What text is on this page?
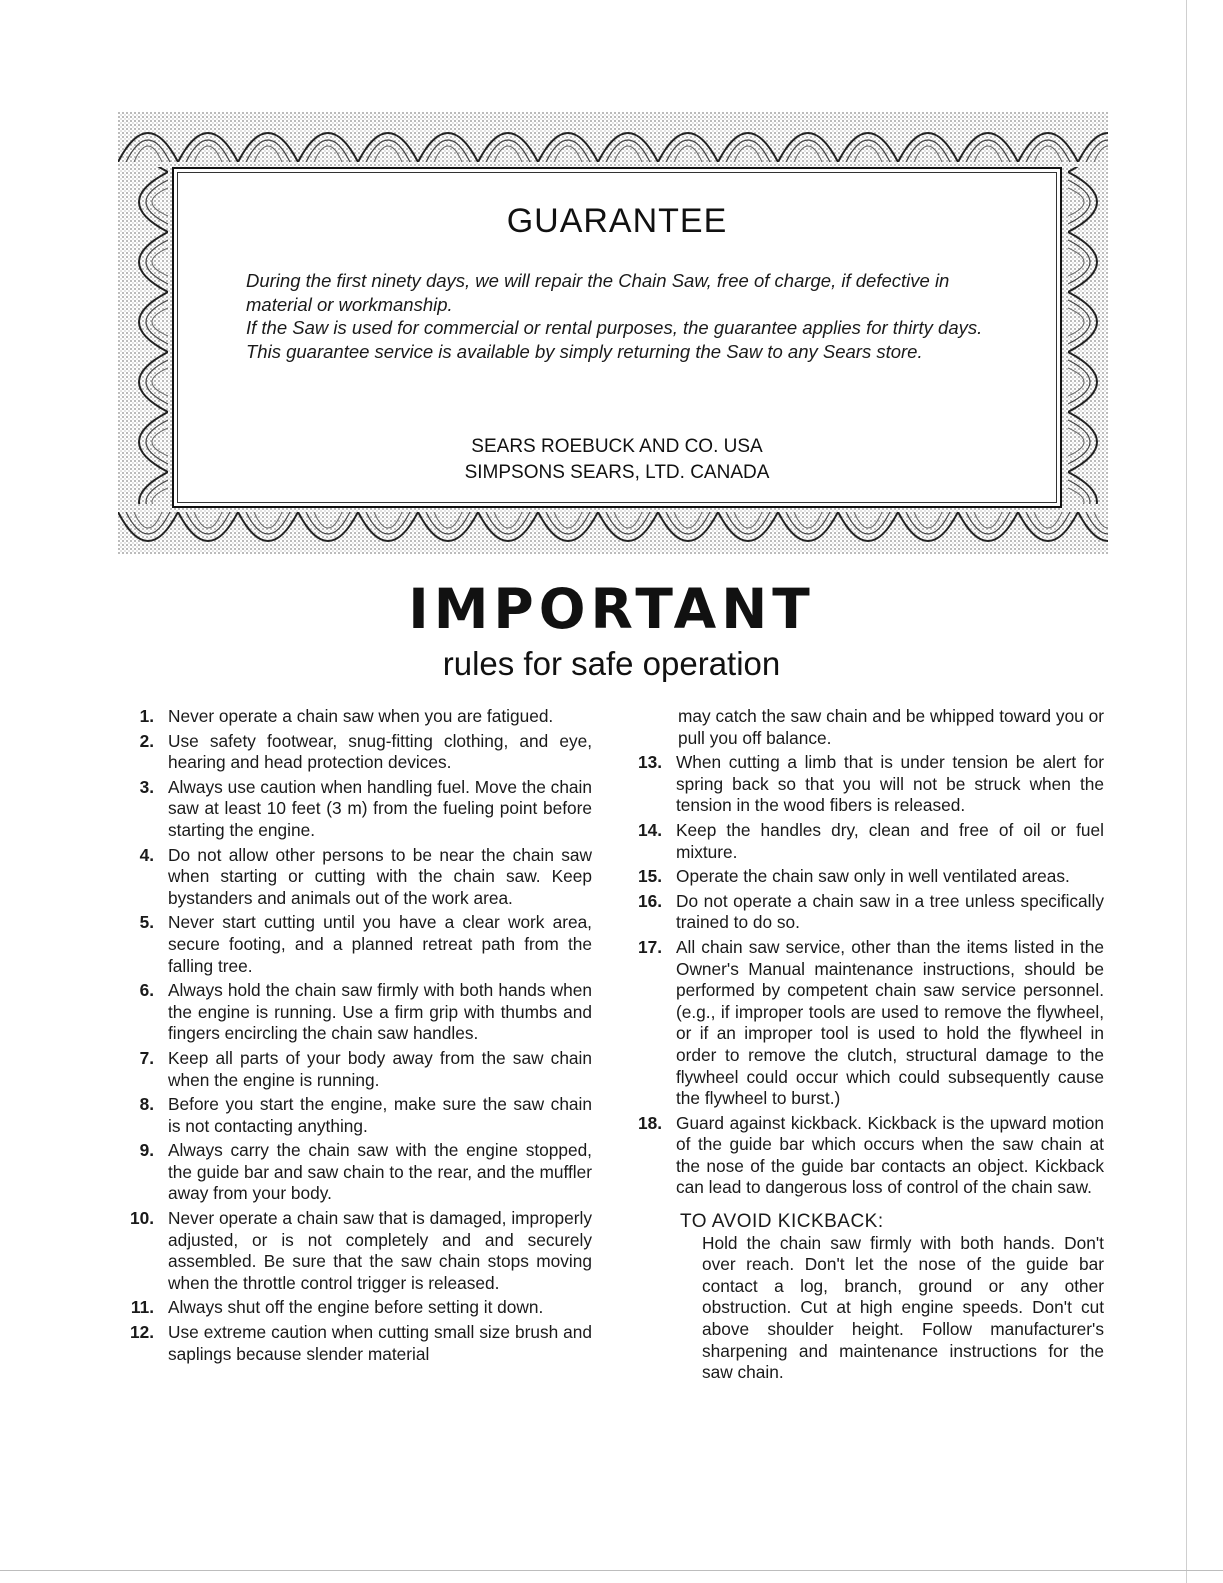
GUARANTEE

During the first ninety days, we will repair the Chain Saw, free of charge, if defective in material or workmanship.

If the Saw is used for commercial or rental purposes, the guarantee applies for thirty days.

This guarantee service is available by simply returning the Saw to any Sears store.

SEARS ROEBUCK AND CO. USA
SIMPSONS SEARS, LTD. CANADA
IMPORTANT
rules for safe operation
1. Never operate a chain saw when you are fatigued.
2. Use safety footwear, snug-fitting clothing, and eye, hearing and head protection devices.
3. Always use caution when handling fuel. Move the chain saw at least 10 feet (3 m) from the fueling point before starting the engine.
4. Do not allow other persons to be near the chain saw when starting or cutting with the chain saw. Keep bystanders and animals out of the work area.
5. Never start cutting until you have a clear work area, secure footing, and a planned retreat path from the falling tree.
6. Always hold the chain saw firmly with both hands when the engine is running. Use a firm grip with thumbs and fingers encircling the chain saw handles.
7. Keep all parts of your body away from the saw chain when the engine is running.
8. Before you start the engine, make sure the saw chain is not contacting anything.
9. Always carry the chain saw with the engine stopped, the guide bar and saw chain to the rear, and the muffler away from your body.
10. Never operate a chain saw that is damaged, improperly adjusted, or is not completely and and securely assembled. Be sure that the saw chain stops moving when the throttle control trigger is released.
11. Always shut off the engine before setting it down.
12. Use extreme caution when cutting small size brush and saplings because slender material
may catch the saw chain and be whipped toward you or pull you off balance.
13. When cutting a limb that is under tension be alert for spring back so that you will not be struck when the tension in the wood fibers is released.
14. Keep the handles dry, clean and free of oil or fuel mixture.
15. Operate the chain saw only in well ventilated areas.
16. Do not operate a chain saw in a tree unless specifically trained to do so.
17. All chain saw service, other than the items listed in the Owner's Manual maintenance instructions, should be performed by competent chain saw service personnel. (e.g., if improper tools are used to remove the flywheel, or if an improper tool is used to hold the flywheel in order to remove the clutch, structural damage to the flywheel could occur which could subsequently cause the flywheel to burst.)
18. Guard against kickback. Kickback is the upward motion of the guide bar which occurs when the saw chain at the nose of the guide bar contacts an object. Kickback can lead to dangerous loss of control of the chain saw.
TO AVOID KICKBACK:
Hold the chain saw firmly with both hands. Don't over reach. Don't let the nose of the guide bar contact a log, branch, ground or any other obstruction. Cut at high engine speeds. Don't cut above shoulder height. Follow manufacturer's sharpening and maintenance instructions for the saw chain.
